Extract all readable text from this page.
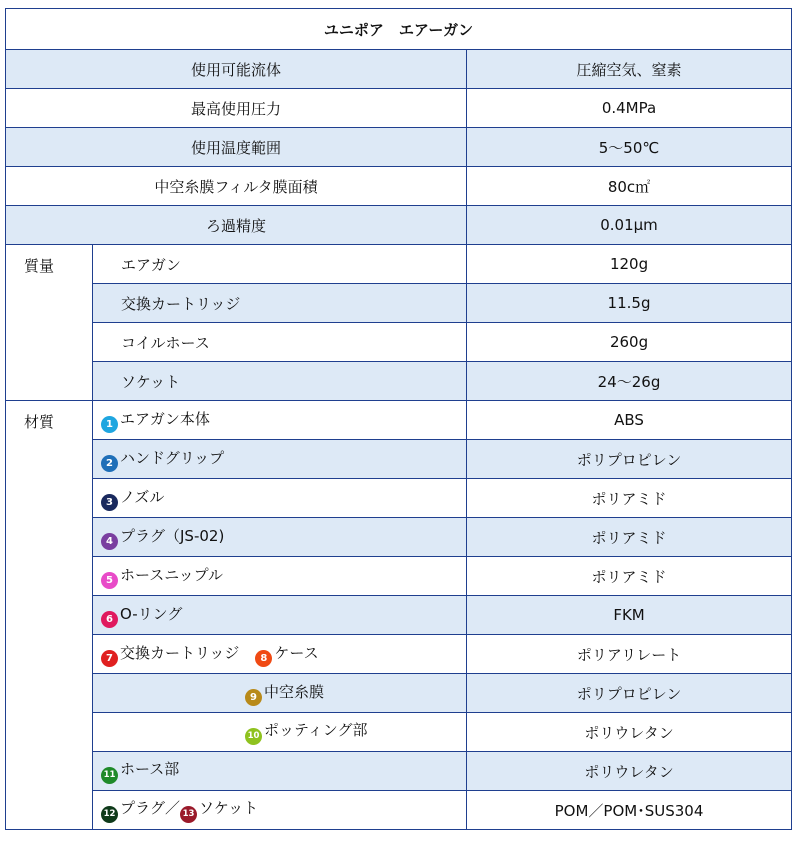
ユニポア　エアーガン		
使用可能流体		圧縮空気、窒素
最高使用圧力		0.4MPa
使用温度範囲		5～50℃
中空糸膜フィルタ膜面積		80c㎡
ろ過精度		0.01μm
質量	エアガン	120g
	交換カートリッジ	11.5g
	コイルホース	260g
	ソケット	24～26g
材質	1 エアガン本体	ABS
	2 ハンドグリップ	ポリプロピレン
	3 ノズル	ポリアミド
	4 プラグ（JS-02)	ポリアミド
	5 ホースニップル	ポリアミド
	6 O-リング	FKM
	7 交換カートリッジ 8 ケース	ポリアリレート
	9 中空糸膜	ポリプロピレン
	10 ポッティング部	ポリウレタン
	11 ホース部	ポリウレタン
	12 プラグ／ 13 ソケット	POM／POM･SUS304
